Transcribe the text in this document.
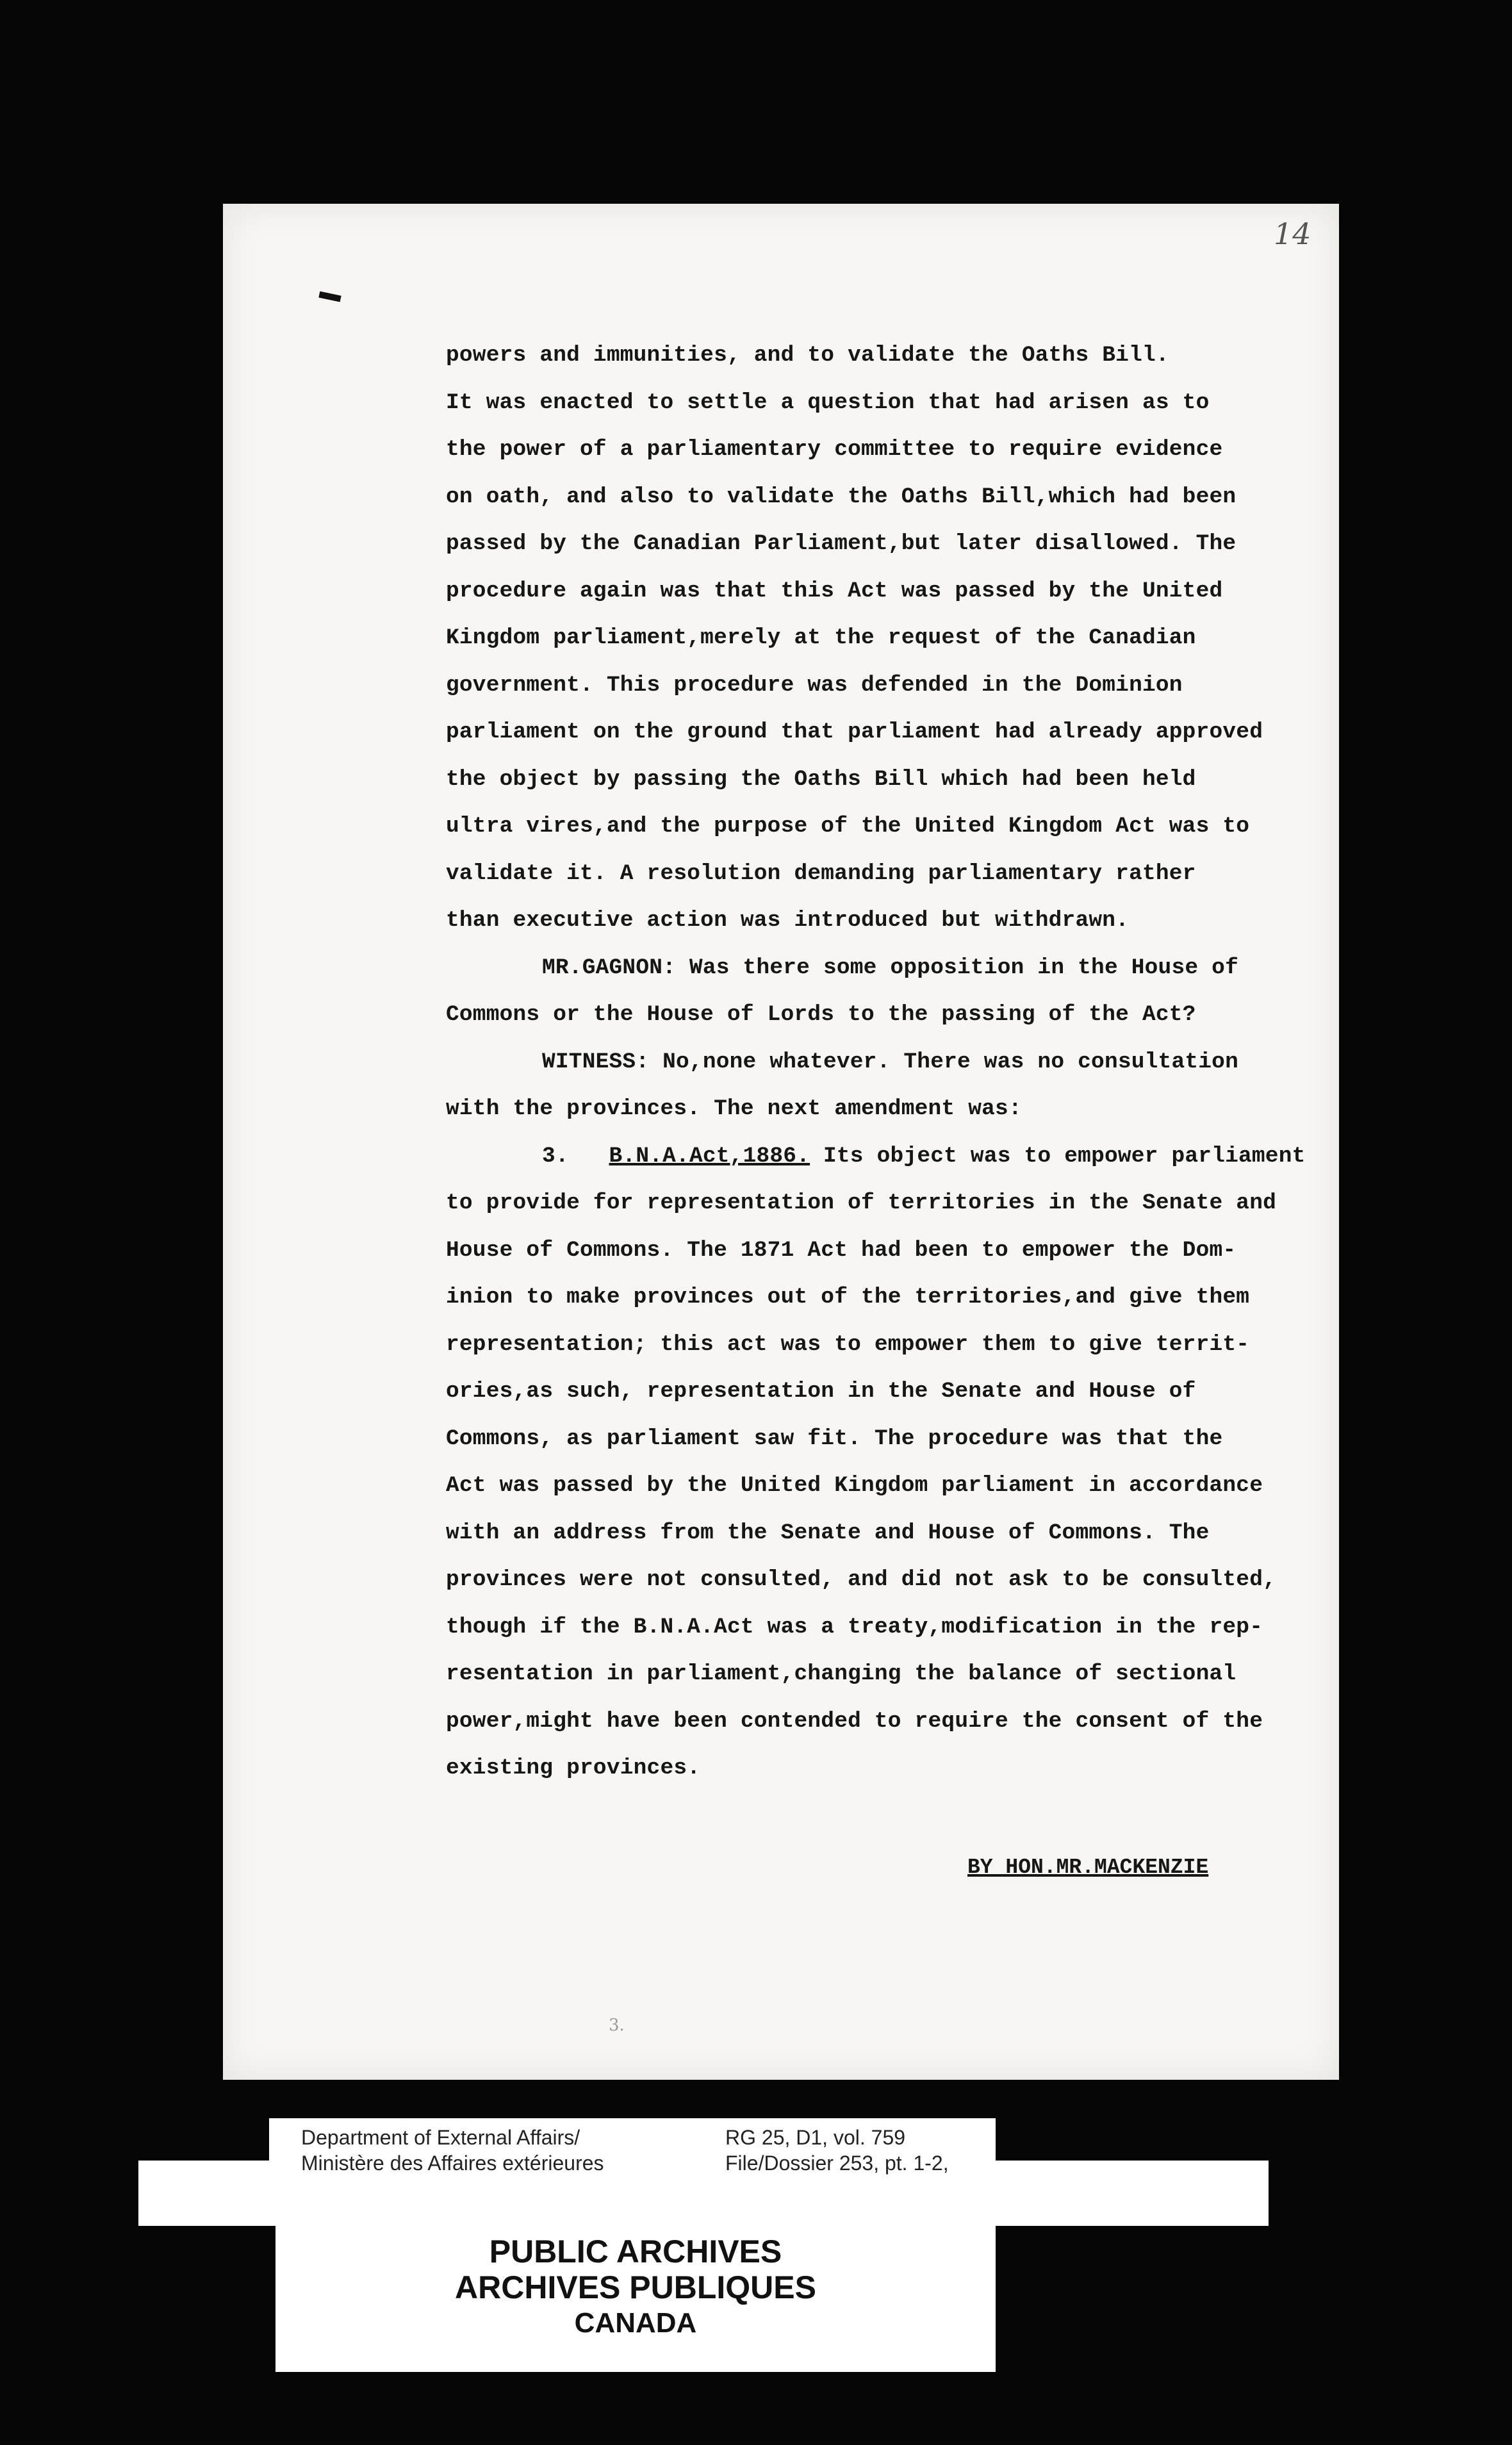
14
powers and immunities, and to validate the Oaths Bill.
It was enacted to settle a question that had arisen as to
the power of a parliamentary committee to require evidence
on oath, and also to validate the Oaths Bill,which had been
passed by the Canadian Parliament,but later disallowed. The
procedure again was that this Act was passed by the United
Kingdom parliament,merely at the request of the Canadian
government. This procedure was defended in the Dominion
parliament on the ground that parliament had already approved
the object by passing the Oaths Bill which had been held
ultra vires,and the purpose of the United Kingdom Act was to
validate it. A resolution demanding parliamentary rather
than executive action was introduced but withdrawn.
MR.GAGNON: Was there some opposition in the House of
Commons or the House of Lords to the passing of the Act?
WITNESS: No,none whatever. There was no consultation
with the provinces. The next amendment was:
3. B.N.A.Act,1886. Its object was to empower parliament
to provide for representation of territories in the Senate and
House of Commons. The 1871 Act had been to empower the Dom-
inion to make provinces out of the territories,and give them
representation; this act was to empower them to give territ-
ories,as such, representation in the Senate and House of
Commons, as parliament saw fit. The procedure was that the
Act was passed by the United Kingdom parliament in accordance
with an address from the Senate and House of Commons. The
provinces were not consulted, and did not ask to be consulted,
though if the B.N.A.Act was a treaty,modification in the rep-
resentation in parliament,changing the balance of sectional
power,might have been contended to require the consent of the
existing provinces.
BY HON.MR.MACKENZIE
3.
Department of External Affairs/
Ministère des Affaires extérieures
RG 25, D1, vol. 759
File/Dossier 253, pt. 1-2,
PUBLIC ARCHIVES
ARCHIVES PUBLIQUES
CANADA
